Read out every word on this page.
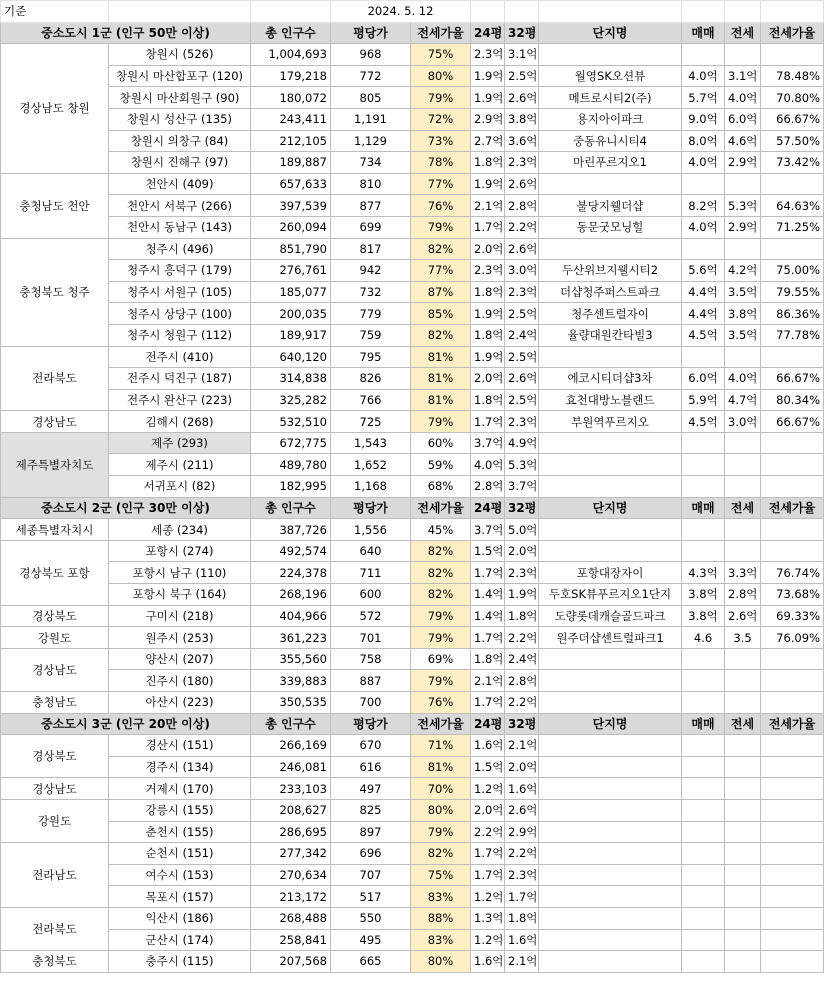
기준			2024. 5. 12							
중소도시 1군 (인구 50만 이상)		총 인구수	평당가	전세가율	24평	32평	단지명	매매	전세	전세가율
경상남도 창원	창원시 (526)	1,004,693	968	75%	2.3억	3.1억				
	창원시 마산합포구 (120)	179,218	772	80%	1.9억	2.5억	월영SK오션뷰	4.0억	3.1억	78.48%
	창원시 마산회원구 (90)	180,072	805	79%	1.9억	2.6억	메트로시티2(주)	5.7억	4.0억	70.80%
	창원시 성산구 (135)	243,411	1,191	72%	2.9억	3.8억	용지아이파크	9.0억	6.0억	66.67%
	창원시 의창구 (84)	212,105	1,129	73%	2.7억	3.6억	중동유니시티4	8.0억	4.6억	57.50%
	창원시 진해구 (97)	189,887	734	78%	1.8억	2.3억	마린푸르지오1	4.0억	2.9억	73.42%
충청남도 천안	천안시 (409)	657,633	810	77%	1.9억	2.6억				
	천안시 서북구 (266)	397,539	877	76%	2.1억	2.8억	불당지웰더샵	8.2억	5.3억	64.63%
	천안시 동남구 (143)	260,094	699	79%	1.7억	2.2억	동문굿모닝힐	4.0억	2.9억	71.25%
충청북도 청주	청주시 (496)	851,790	817	82%	2.0억	2.6억				
	청주시 흥덕구 (179)	276,761	942	77%	2.3억	3.0억	두산위브지웰시티2	5.6억	4.2억	75.00%
	청주시 서원구 (105)	185,077	732	87%	1.8억	2.3억	더샵청주퍼스트파크	4.4억	3.5억	79.55%
	청주시 상당구 (100)	200,035	779	85%	1.9억	2.5억	청주센트럴자이	4.4억	3.8억	86.36%
	청주시 청원구 (112)	189,917	759	82%	1.8억	2.4억	율량대원칸타빌3	4.5억	3.5억	77.78%
전라북도	전주시 (410)	640,120	795	81%	1.9억	2.5억				
	전주시 덕진구 (187)	314,838	826	81%	2.0억	2.6억	에코시티더샵3차	6.0억	4.0억	66.67%
	전주시 완산구 (223)	325,282	766	81%	1.8억	2.5억	효천대방노블랜드	5.9억	4.7억	80.34%
경상남도	김해시 (268)	532,510	725	79%	1.7억	2.3억	부원역푸르지오	4.5억	3.0억	66.67%
제주특별자치도	제주 (293)	672,775	1,543	60%	3.7억	4.9억				
	제주시 (211)	489,780	1,652	59%	4.0억	5.3억				
	서귀포시 (82)	182,995	1,168	68%	2.8억	3.7억				
중소도시 2군 (인구 30만 이상)		총 인구수	평당가	전세가율	24평	32평	단지명	매매	전세	전세가율
세종특별자치시	세종 (234)	387,726	1,556	45%	3.7억	5.0억				
경상북도 포항	포항시 (274)	492,574	640	82%	1.5억	2.0억				
	포항시 남구 (110)	224,378	711	82%	1.7억	2.3억	포항대장자이	4.3억	3.3억	76.74%
	포항시 북구 (164)	268,196	600	82%	1.4억	1.9억	두호SK뷰푸르지오1단지	3.8억	2.8억	73.68%
경상북도	구미시 (218)	404,966	572	79%	1.4억	1.8억	도량롯데캐슬골드파크	3.8억	2.6억	69.33%
강원도	원주시 (253)	361,223	701	79%	1.7억	2.2억	원주더샵센트럴파크1	4.6	3.5	76.09%
경상남도	양산시 (207)	355,560	758	69%	1.8억	2.4억				
	진주시 (180)	339,883	887	79%	2.1억	2.8억				
충청남도	아산시 (223)	350,535	700	76%	1.7억	2.2억				
중소도시 3군 (인구 20만 이상)		총 인구수	평당가	전세가율	24평	32평	단지명	매매	전세	전세가율
경상북도	경산시 (151)	266,169	670	71%	1.6억	2.1억				
	경주시 (134)	246,081	616	81%	1.5억	2.0억				
경상남도	거제시 (170)	233,103	497	70%	1.2억	1.6억				
강원도	강릉시 (155)	208,627	825	80%	2.0억	2.6억				
	춘천시 (155)	286,695	897	79%	2.2억	2.9억				
전라남도	순천시 (151)	277,342	696	82%	1.7억	2.2억				
	여수시 (153)	270,634	707	75%	1.7억	2.3억				
	목포시 (157)	213,172	517	83%	1.2억	1.7억				
전라북도	익산시 (186)	268,488	550	88%	1.3억	1.8억				
	군산시 (174)	258,841	495	83%	1.2억	1.6억				
충청북도	충주시 (115)	207,568	665	80%	1.6억	2.1억				
